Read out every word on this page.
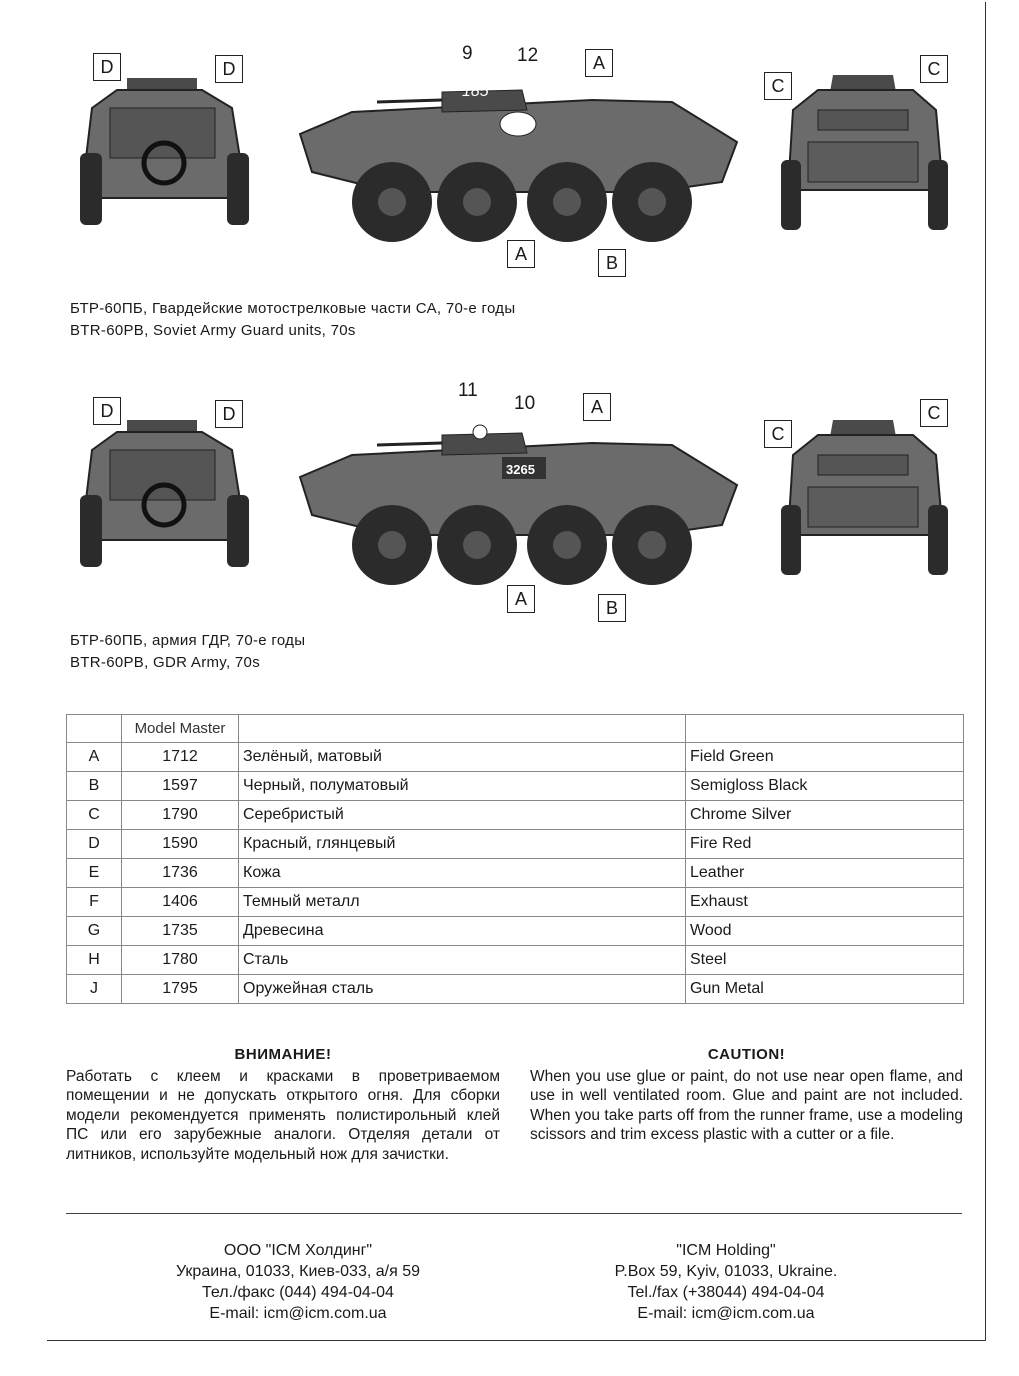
D	D
185
9 12	A
A	B
C
C
БТР-60ПБ, Гвардейские мотострелковые части СА, 70-е годы
BTR-60PB, Soviet Army Guard units, 70s
D	D
3265
11
10	A
A	B
C
C
БТР-60ПБ, армия ГДР, 70-е годы
BTR-60PB, GDR Army, 70s
	Model Master		
A	1712	Зелёный, матовый	Field Green
B	1597	Черный, полуматовый	Semigloss Black
C	1790	Серебристый	Chrome Silver
D	1590	Красный, глянцевый	Fire Red
E	1736	Кожа	Leather
F	1406	Темный металл	Exhaust
G	1735	Древесина	Wood
H	1780	Сталь	Steel
J	1795	Оружейная сталь	Gun Metal
ВНИМАНИЕ!
Работать с клеем и красками в проветриваемом помещении и не допускать открытого огня. Для сборки модели рекомендуется применять полистирольный клей ПС или его зарубежные аналоги. Отделяя детали от литников, используйте модельный нож для зачистки.
CAUTION!
When you use glue or paint, do not use near open flame, and use in well ventilated room. Glue and paint are not included. When you take parts off from the runner frame, use a modeling scissors and trim excess plastic with a cutter or a file.
ООО "ICM Холдинг"
Украина, 01033, Киев-033, а/я 59
Тел./факс (044) 494-04-04
E-mail: icm@icm.com.ua
"ICM Holding"
P.Box 59, Kyiv, 01033, Ukraine.
Tel./fax (+38044) 494-04-04
E-mail: icm@icm.com.ua
